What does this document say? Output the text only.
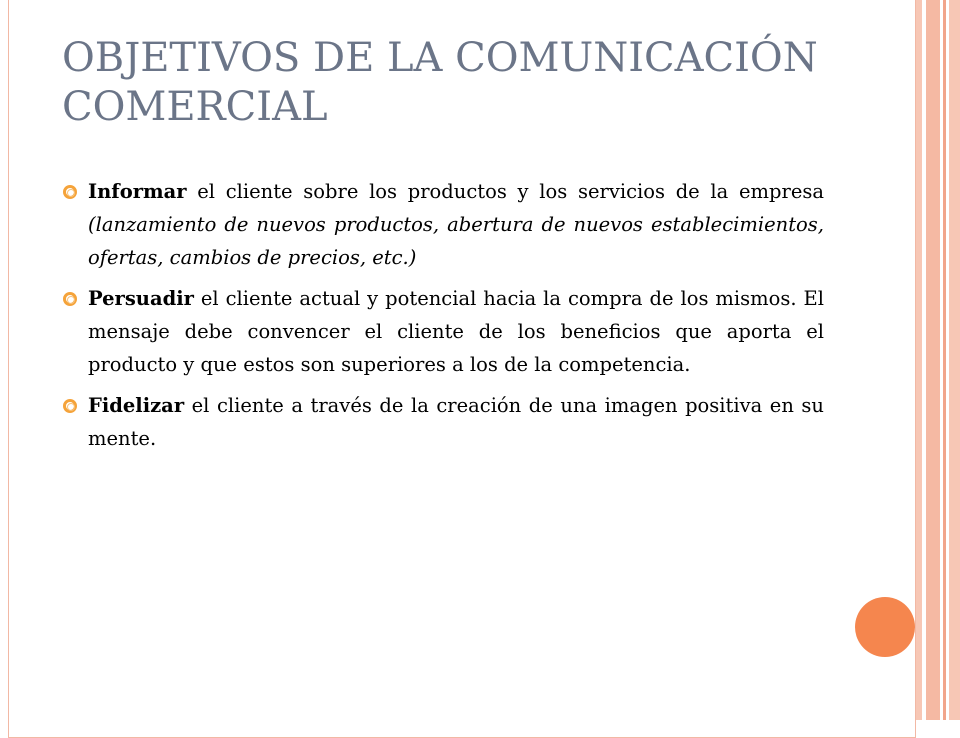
OBJETIVOS DE LA COMUNICACIÓN COMERCIAL
Informar el cliente sobre los productos y los servicios de la empresa (lanzamiento de nuevos productos, abertura de nuevos establecimientos, ofertas, cambios de precios, etc.)
Persuadir el cliente actual y potencial hacia la compra de los mismos. El mensaje debe convencer el cliente de los beneficios que aporta el producto y que estos son superiores a los de la competencia.
Fidelizar el cliente a través de la creación de una imagen positiva en su mente.
